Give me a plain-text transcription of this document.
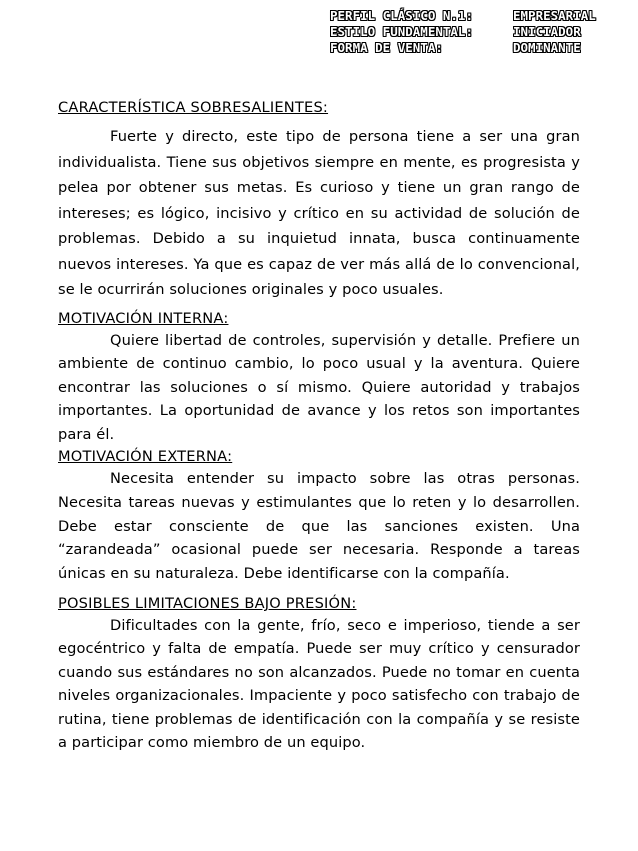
PERFIL CLÁSICO N.1:	EMPRESARIAL
ESTILO FUNDAMENTAL:	INICIADOR
FORMA DE VENTA:	DOMINANTE
CARACTERÍSTICA SOBRESALIENTES:

Fuerte y directo, este tipo de persona tiene a ser una gran individualista. Tiene sus objetivos siempre en mente, es progresista y pelea por obtener sus metas. Es curioso y tiene un gran rango de intereses; es lógico, incisivo y crítico en su actividad de solución de problemas. Debido a su inquietud innata, busca continuamente nuevos intereses. Ya que es capaz de ver más allá de lo convencional, se le ocurrirán soluciones originales y poco usuales.

MOTIVACIÓN INTERNA:

Quiere libertad de controles, supervisión y detalle. Prefiere un ambiente de continuo cambio, lo poco usual y la aventura. Quiere encontrar las soluciones o sí mismo. Quiere autoridad y trabajos importantes. La oportunidad de avance y los retos son importantes para él.

MOTIVACIÓN EXTERNA:

Necesita entender su impacto sobre las otras personas. Necesita tareas nuevas y estimulantes que lo reten y lo desarrollen. Debe estar consciente de que las sanciones existen. Una “zarandeada” ocasional puede ser necesaria. Responde a tareas únicas en su naturaleza. Debe identificarse con la compañía.

POSIBLES LIMITACIONES BAJO PRESIÓN:

Dificultades con la gente, frío, seco e imperioso, tiende a ser egocéntrico y falta de empatía. Puede ser muy crítico y censurador cuando sus estándares no son alcanzados. Puede no tomar en cuenta niveles organizacionales. Impaciente y poco satisfecho con trabajo de rutina, tiene problemas de identificación con la compañía y se resiste a participar como miembro de un equipo.
